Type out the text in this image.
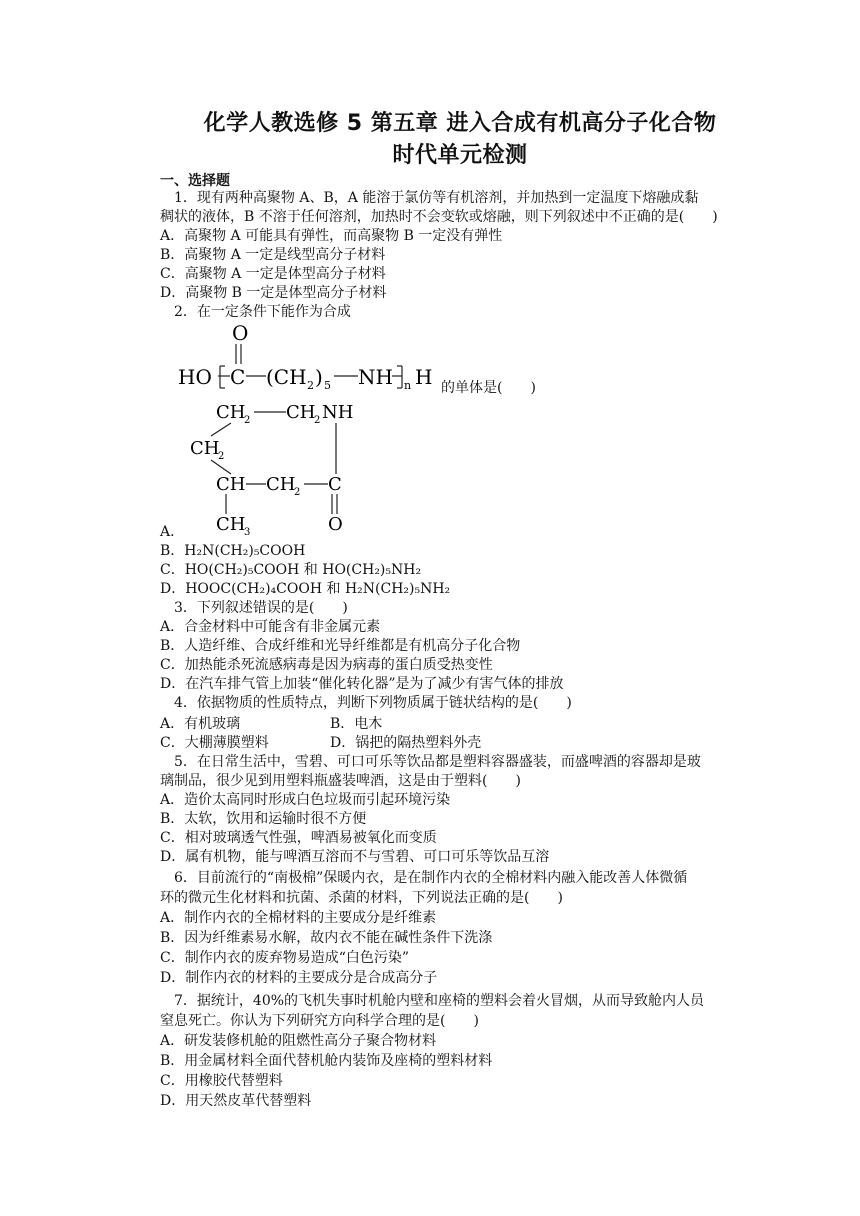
化学人教选修 5 第五章 进入合成有机高分子化合物
时代单元检测
一、选择题
1．现有两种高聚物 A、B，A 能溶于氯仿等有机溶剂，并加热到一定温度下熔融成黏
稠状的液体，B 不溶于任何溶剂，加热时不会变软或熔融，则下列叙述中不正确的是(　　)
A．高聚物 A 可能具有弹性，而高聚物 B 一定没有弹性
B．高聚物 A 一定是线型高分子材料
C．高聚物 A 一定是体型高分子材料
D．高聚物 B 一定是体型高分子材料
2．在一定条件下能作为合成
O
HO C (CH 2 ) 5 NH n H 的单体是(　　)
CH
2 CH
2 NH
CH
2
CH CH
2 C
O
CH
3
A．
B．H₂N(CH₂)₅COOH
C．HO(CH₂)₅COOH 和 HO(CH₂)₅NH₂
D．HOOC(CH₂)₄COOH 和 H₂N(CH₂)₅NH₂
3．下列叙述错误的是(　　)
A．合金材料中可能含有非金属元素
B．人造纤维、合成纤维和光导纤维都是有机高分子化合物
C．加热能杀死流感病毒是因为病毒的蛋白质受热变性
D．在汽车排气管上加装“催化转化器”是为了减少有害气体的排放
4．依据物质的性质特点，判断下列物质属于链状结构的是(　　)
A．有机玻璃	B．电木
C．大棚薄膜塑料	D．锅把的隔热塑料外壳
5．在日常生活中，雪碧、可口可乐等饮品都是塑料容器盛装，而盛啤酒的容器却是玻
璃制品，很少见到用塑料瓶盛装啤酒，这是由于塑料(　　)
A．造价太高同时形成白色垃圾而引起环境污染
B．太软，饮用和运输时很不方便
C．相对玻璃透气性强，啤酒易被氧化而变质
D．属有机物，能与啤酒互溶而不与雪碧、可口可乐等饮品互溶
6．目前流行的“南极棉”保暖内衣，是在制作内衣的全棉材料内融入能改善人体微循
环的微元生化材料和抗菌、杀菌的材料，下列说法正确的是(　　)
A．制作内衣的全棉材料的主要成分是纤维素
B．因为纤维素易水解，故内衣不能在碱性条件下洗涤
C．制作内衣的废弃物易造成“白色污染”
D．制作内衣的材料的主要成分是合成高分子
7．据统计，40%的飞机失事时机舱内壁和座椅的塑料会着火冒烟，从而导致舱内人员
窒息死亡。你认为下列研究方向科学合理的是(　　)
A．研发装修机舱的阻燃性高分子聚合物材料
B．用金属材料全面代替机舱内装饰及座椅的塑料材料
C．用橡胶代替塑料
D．用天然皮革代替塑料
